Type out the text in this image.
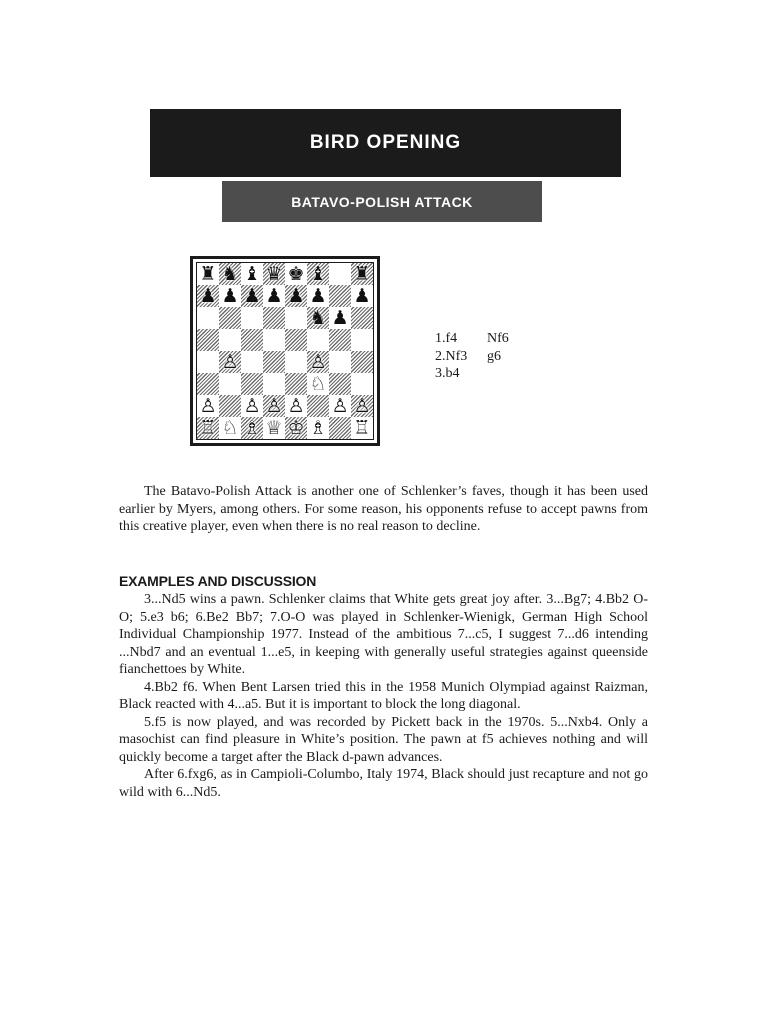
BIRD OPENING
BATAVO-POLISH ATTACK
♜ ♞ ♝ ♛ ♚ ♝ ♜
♟ ♟ ♟ ♟ ♟ ♟ ♟
♞ ♟
♙	♙
♘
♙ ♙ ♙ ♙ ♙ ♙
♖ ♘ ♗ ♕ ♔ ♗ ♖
1.f4	Nf6
2.Nf3	g6
3.b4

The Batavo-Polish Attack is another one of Schlenker’s faves, though it has been used earlier by Myers, among others. For some reason, his opponents refuse to accept pawns from this creative player, even when there is no real reason to decline.

EXAMPLES AND DISCUSSION

3...Nd5 wins a pawn. Schlenker claims that White gets great joy after. 3...Bg7; 4.Bb2 O-O; 5.e3 b6; 6.Be2 Bb7; 7.O-O was played in Schlenker-Wienigk, German High School Individual Championship 1977. Instead of the ambitious 7...c5, I suggest 7...d6 intending ...Nbd7 and an eventual 1...e5, in keeping with generally useful strategies against queenside fianchettoes by White.

4.Bb2 f6. When Bent Larsen tried this in the 1958 Munich Olympiad against Raizman, Black reacted with 4...a5. But it is important to block the long diagonal.

5.f5 is now played, and was recorded by Pickett back in the 1970s. 5...Nxb4. Only a masochist can find pleasure in White’s position. The pawn at f5 achieves nothing and will quickly become a target after the Black d-pawn advances.

After 6.fxg6, as in Campioli-Columbo, Italy 1974, Black should just recapture and not go wild with 6...Nd5.
